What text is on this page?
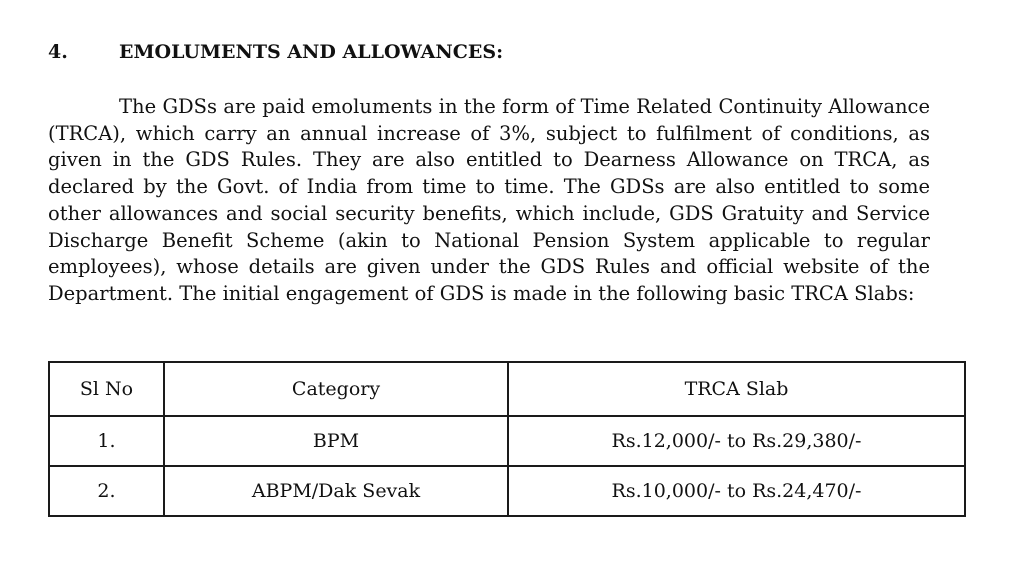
4.	EMOLUMENTS AND ALLOWANCES:

The GDSs are paid emoluments in the form of Time Related Continuity Allowance (TRCA), which carry an annual increase of 3%, subject to fulfilment of conditions, as given in the GDS Rules. They are also entitled to Dearness Allowance on TRCA, as declared by the Govt. of India from time to time. The GDSs are also entitled to some other allowances and social security benefits, which include, GDS Gratuity and Service Discharge Benefit Scheme (akin to National Pension System applicable to regular employees), whose details are given under the GDS Rules and official website of the Department. The initial engagement of GDS is made in the following basic TRCA Slabs:

Sl No	Category	TRCA Slab
1.	BPM	Rs.12,000/- to Rs.29,380/-
2.	ABPM/Dak Sevak	Rs.10,000/- to Rs.24,470/-
